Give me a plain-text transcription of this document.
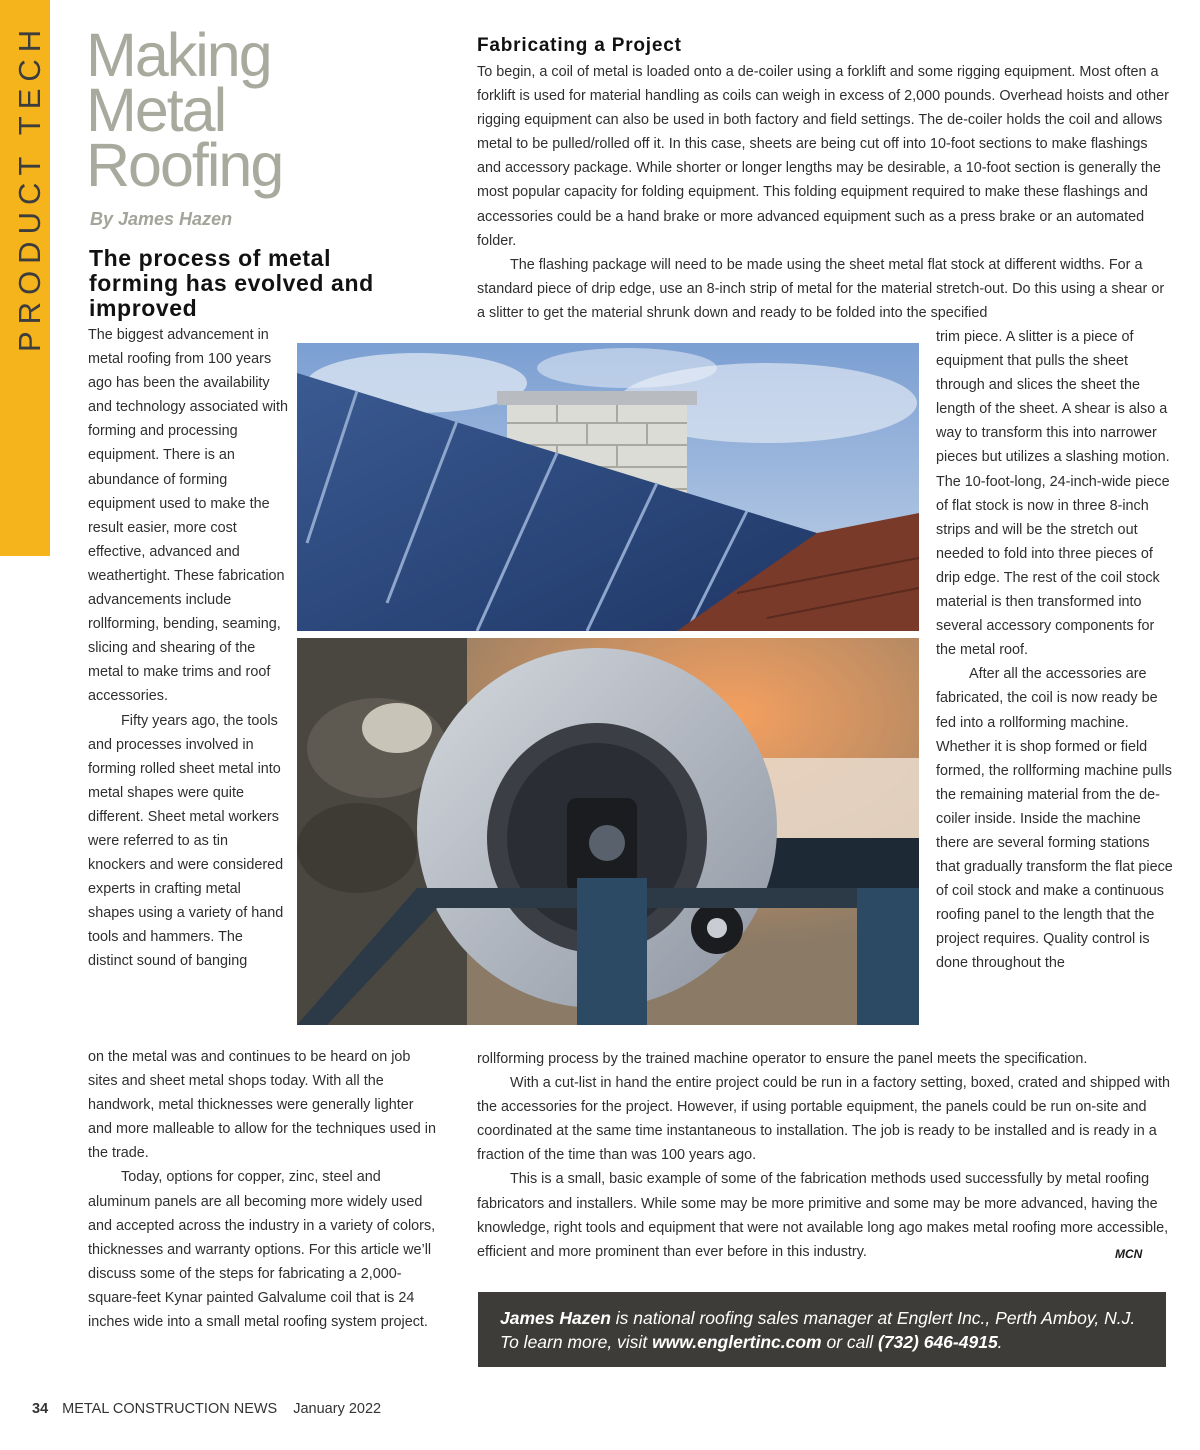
PRODUCT TECH Making
Metal
Roofing
By James Hazen
The process of metal forming has evolved and improved

The biggest advancement in metal roofing from 100 years ago has been the availability and technology associated with forming and processing equipment. There is an abundance of forming equipment used to make the result easier, more cost effective, advanced and weathertight. These fabrication advancements include rollforming, bending, seaming, slicing and shearing of the metal to make trims and roof accessories.

Fifty years ago, the tools and processes involved in forming rolled sheet metal into metal shapes were quite different. Sheet metal workers were referred to as tin knockers and were considered experts in crafting metal shapes using a variety of hand tools and hammers. The distinct sound of banging

on the metal was and continues to be heard on job sites and sheet metal shops today. With all the handwork, metal thicknesses were generally lighter and more malleable to allow for the techniques used in the trade.

Today, options for copper, zinc, steel and aluminum panels are all becoming more widely used and accepted across the industry in a variety of colors, thicknesses and warranty options. For this article we’ll discuss some of the steps for fabricating a 2,000-square-feet Kynar painted Galvalume coil that is 24 inches wide into a small metal roofing system project.

Fabricating a Project

To begin, a coil of metal is loaded onto a de-coiler using a forklift and some rigging equipment. Most often a forklift is used for material handling as coils can weigh in excess of 2,000 pounds. Overhead hoists and other rigging equipment can also be used in both factory and field settings. The de-coiler holds the coil and allows metal to be pulled/rolled off it. In this case, sheets are being cut off into 10-foot sections to make flashings and accessory package. While shorter or longer lengths may be desirable, a 10-foot section is generally the most popular capacity for folding equipment. This folding equipment required to make these flashings and accessories could be a hand brake or more advanced equipment such as a press brake or an automated folder.

The flashing package will need to be made using the sheet metal flat stock at different widths. For a standard piece of drip edge, use an 8-inch strip of metal for the material stretch-out. Do this using a shear or a slitter to get the material shrunk down and ready to be folded into the specified

trim piece. A slitter is a piece of equipment that pulls the sheet through and slices the sheet the length of the sheet. A shear is also a way to transform this into narrower pieces but utilizes a slashing motion. The 10-foot-long, 24-inch-wide piece of flat stock is now in three 8-inch strips and will be the stretch out needed to fold into three pieces of drip edge. The rest of the coil stock material is then transformed into several accessory components for the metal roof.

After all the accessories are fabricated, the coil is now ready be fed into a rollforming machine. Whether it is shop formed or field formed, the rollforming machine pulls the remaining material from the de-coiler inside. Inside the machine there are several forming stations that gradually transform the flat piece of coil stock and make a continuous roofing panel to the length that the project requires. Quality control is done throughout the

rollforming process by the trained machine operator to ensure the panel meets the specification.

With a cut-list in hand the entire project could be run in a factory setting, boxed, crated and shipped with the accessories for the project. However, if using portable equipment, the panels could be run on-site and coordinated at the same time instantaneous to installation. The job is ready to be installed and is ready in a fraction of the time than was 100 years ago.

This is a small, basic example of some of the fabrication methods used successfully by metal roofing fabricators and installers. While some may be more primitive and some may be more advanced, having the knowledge, right tools and equipment that were not available long ago makes metal roofing more accessible, efficient and more prominent than ever before in this industry.	MCN
James Hazen is national roofing sales manager at Englert Inc., Perth Amboy, N.J. To learn more, visit www.englertinc.com or call (732) 646-4915.
34 METAL CONSTRUCTION NEWS January 2022
